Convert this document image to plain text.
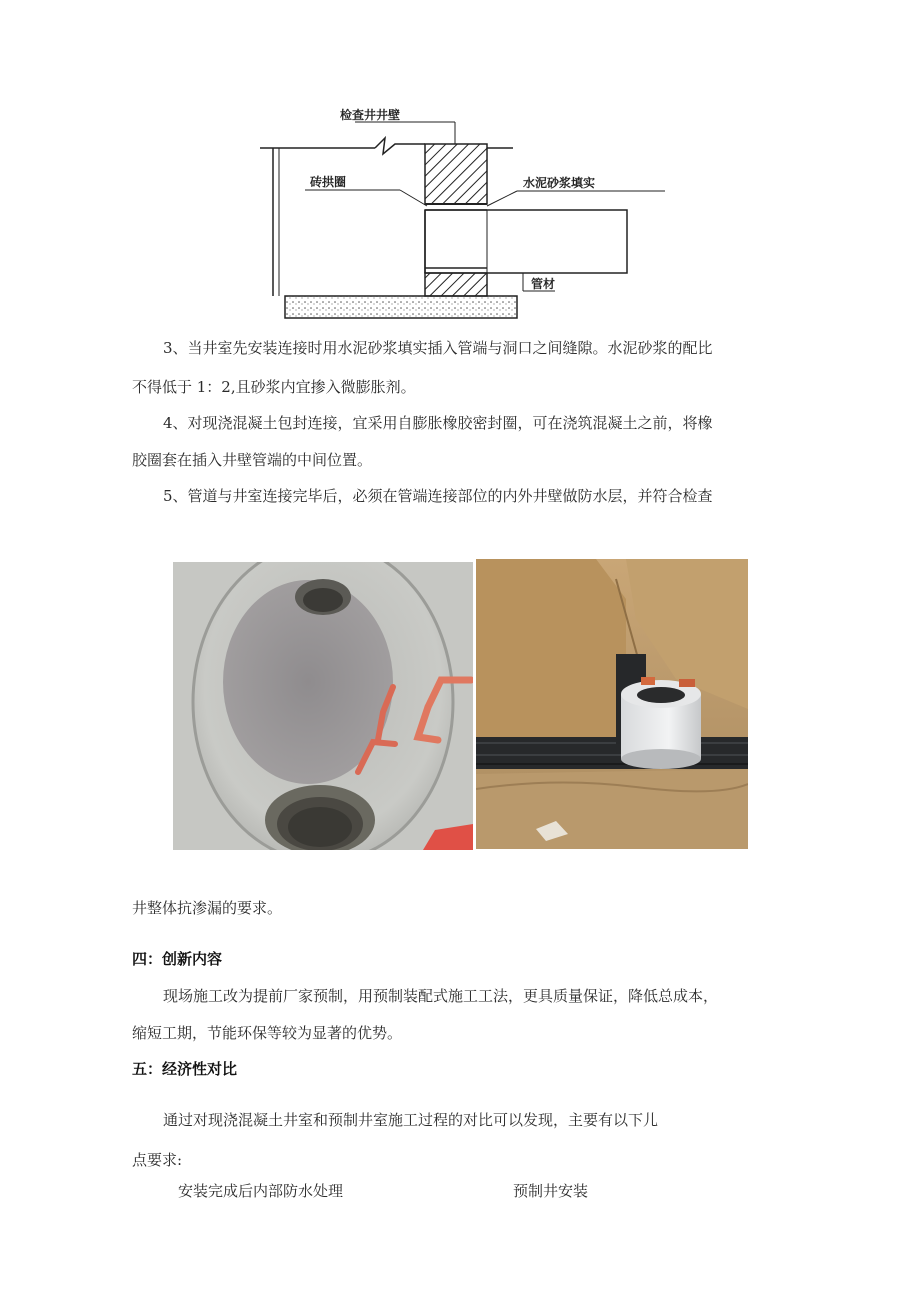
检查井井壁
砖拱圈	水泥砂浆填实
管材
3、当井室先安装连接时用水泥砂浆填实插入管端与洞口之间缝隙。水泥砂浆的配比
不得低于 1：2,且砂浆内宜掺入微膨胀剂。
4、对现浇混凝土包封连接，宜采用自膨胀橡胶密封圈，可在浇筑混凝土之前，将橡
胶圈套在插入井壁管端的中间位置。
5、管道与井室连接完毕后，必须在管端连接部位的内外井壁做防水层，并符合检查
井整体抗渗漏的要求。
四：创新内容
现场施工改为提前厂家预制，用预制装配式施工工法，更具质量保证，降低总成本，
缩短工期，节能环保等较为显著的优势。
五：经济性对比
通过对现浇混凝土井室和预制井室施工过程的对比可以发现，主要有以下儿
点要求:
安装完成后内部防水处理	预制井安装
